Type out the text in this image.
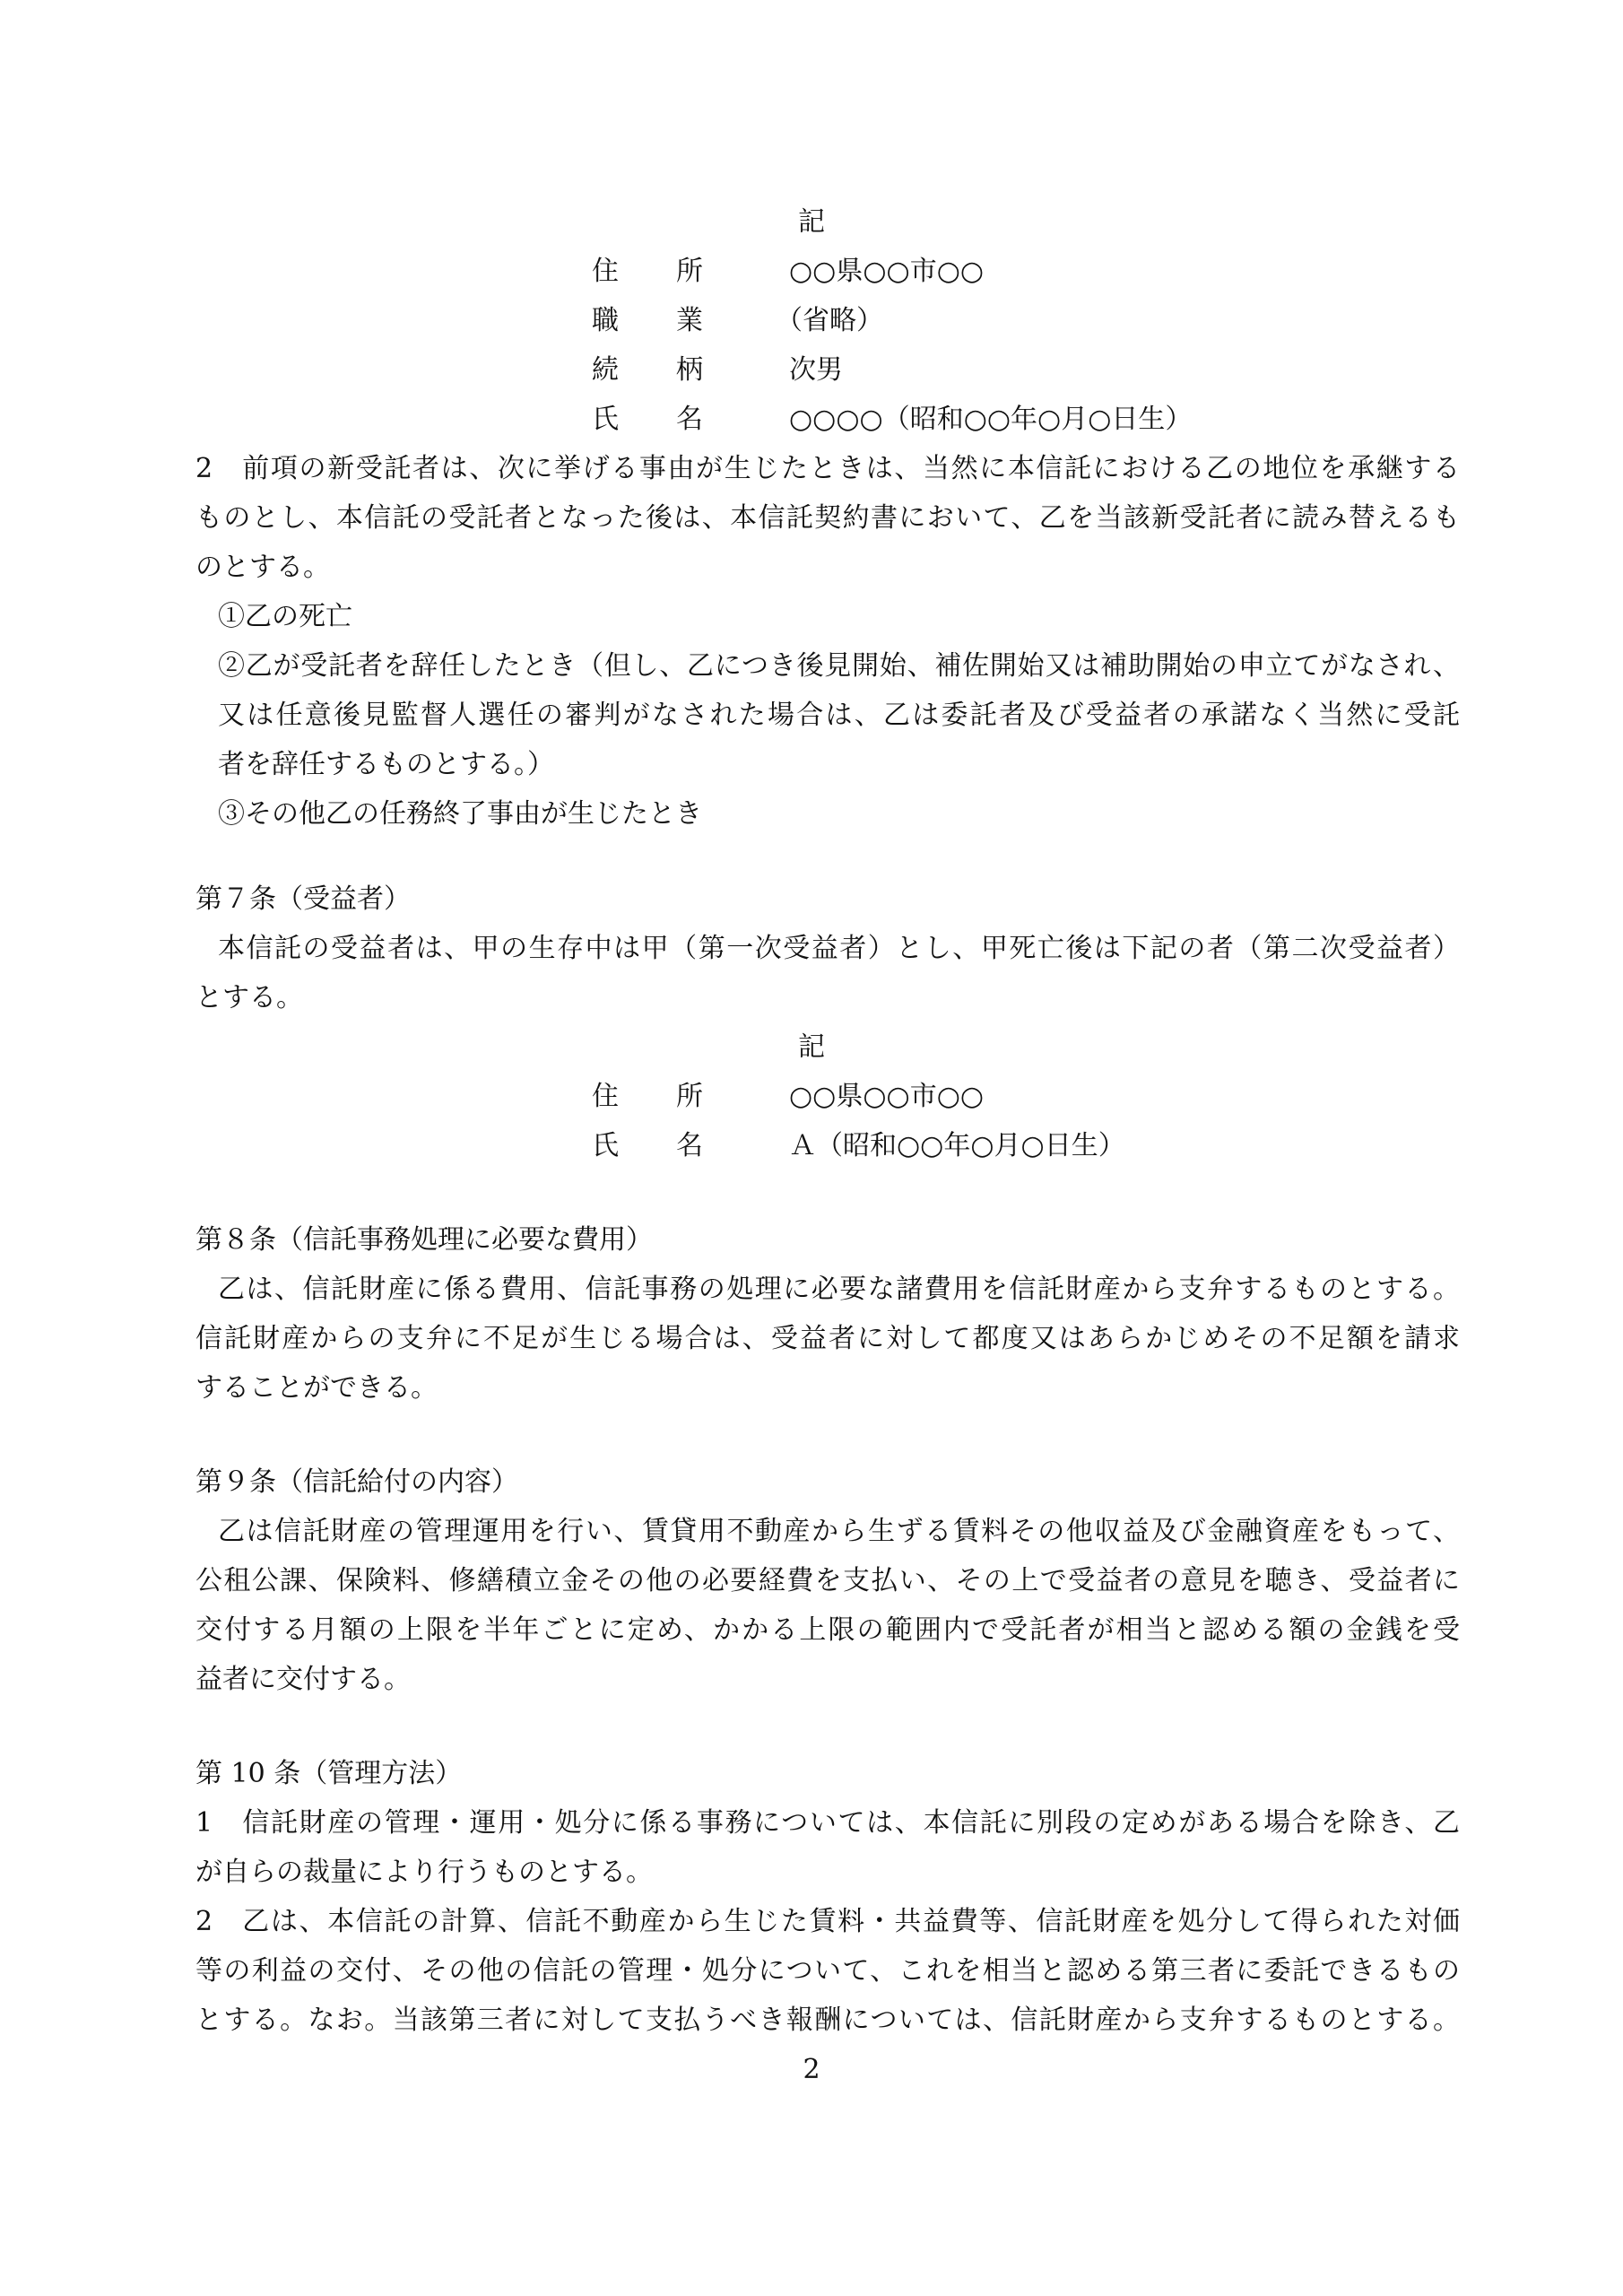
記
住 所	○○県○○市○○
職 業	（省略）
続 柄	次男
氏 名	○○○○（昭和○○年○月○日生）
2　前項の新受託者は、次に挙げる事由が生じたときは、当然に本信託における乙の地位を承継する
ものとし、本信託の受託者となった後は、本信託契約書において、乙を当該新受託者に読み替えるも
のとする。
①乙の死亡
②乙が受託者を辞任したとき（但し、乙につき後見開始、補佐開始又は補助開始の申立てがなされ、
又は任意後見監督人選任の審判がなされた場合は、乙は委託者及び受益者の承諾なく当然に受託
者を辞任するものとする。）
③その他乙の任務終了事由が生じたとき
第７条（受益者）
本信託の受益者は、甲の生存中は甲（第一次受益者）とし、甲死亡後は下記の者（第二次受益者）
とする。
記
住 所	○○県○○市○○
氏 名	Ａ（昭和○○年○月○日生）
第８条（信託事務処理に必要な費用）
乙は、信託財産に係る費用、信託事務の処理に必要な諸費用を信託財産から支弁するものとする。
信託財産からの支弁に不足が生じる場合は、受益者に対して都度又はあらかじめその不足額を請求
することができる。
第９条（信託給付の内容）
乙は信託財産の管理運用を行い、賃貸用不動産から生ずる賃料その他収益及び金融資産をもって、
公租公課、保険料、修繕積立金その他の必要経費を支払い、その上で受益者の意見を聴き、受益者に
交付する月額の上限を半年ごとに定め、かかる上限の範囲内で受託者が相当と認める額の金銭を受
益者に交付する。
第 10 条（管理方法）
1　信託財産の管理・運用・処分に係る事務については、本信託に別段の定めがある場合を除き、乙
が自らの裁量により行うものとする。
2　乙は、本信託の計算、信託不動産から生じた賃料・共益費等、信託財産を処分して得られた対価
等の利益の交付、その他の信託の管理・処分について、これを相当と認める第三者に委託できるもの
とする。なお。当該第三者に対して支払うべき報酬については、信託財産から支弁するものとする。
2
